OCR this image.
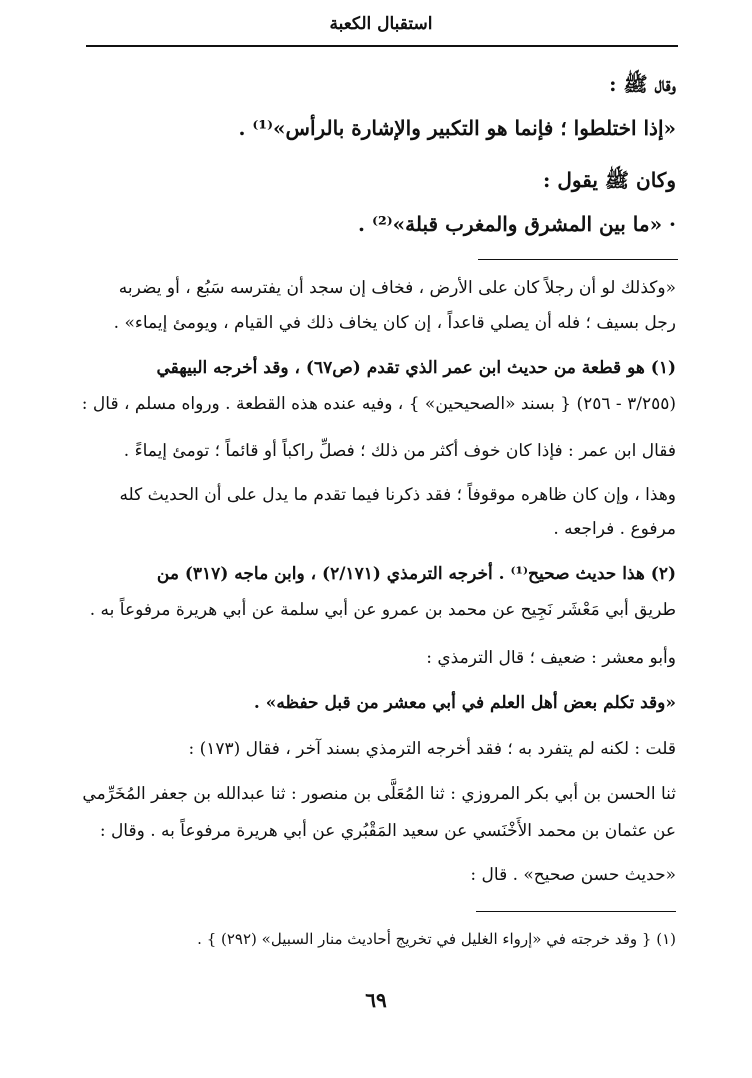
استقبال الكعبة
وقال ﷺ :
«إذا اختلطوا ؛ فإنما هو التكبير والإشارة بالرأس»⁽¹⁾ .
وكان ﷺ يقول :
· «ما بين المشرق والمغرب قبلة»⁽²⁾ .
«وكذلك لو أن رجلاً كان على الأرض ، فخاف إن سجد أن يفترسه سَبُع ، أو يضربه
رجل بسيف ؛ فله أن يصلي قاعداً ، إن كان يخاف ذلك في القيام ، ويومئ إيماء» .
(١) هو قطعة من حديث ابن عمر الذي تقدم (ص٦٧) ، وقد أخرجه البيهقي
(٣/٢٥٥ - ٢٥٦) { بسند «الصحيحين» } ، وفيه عنده هذه القطعة . ورواه مسلم ، قال :
فقال ابن عمر : فإذا كان خوف أكثر من ذلك ؛ فصلِّ راكباً أو قائماً ؛ تومئ إيماءً .
وهذا ، وإن كان ظاهره موقوفاً ؛ فقد ذكرنا فيما تقدم ما يدل على أن الحديث كله
مرفوع . فراجعه .
(٢) هذا حديث صحيح⁽¹⁾ . أخرجه الترمذي (٢/١٧١) ، وابن ماجه (٣١٧) من
طريق أبي مَعْشَر نَجِيح عن محمد بن عمرو عن أبي سلمة عن أبي هريرة مرفوعاً به .
وأبو معشر : ضعيف ؛ قال الترمذي :
«وقد تكلم بعض أهل العلم في أبي معشر من قبل حفظه» .
قلت : لكنه لم يتفرد به ؛ فقد أخرجه الترمذي بسند آخر ، فقال (١٧٣) :
ثنا الحسن بن أبي بكر المروزي : ثنا المُعَلَّى بن منصور : ثنا عبدالله بن جعفر المُخَرِّمي
عن عثمان بن محمد الأَخْنَسي عن سعيد المَقْبُري عن أبي هريرة مرفوعاً به . وقال :
«حديث حسن صحيح» . قال :
(١) { وقد خرجته في «إرواء الغليل في تخريج أحاديث منار السبيل» (٢٩٢) } .
٦٩
